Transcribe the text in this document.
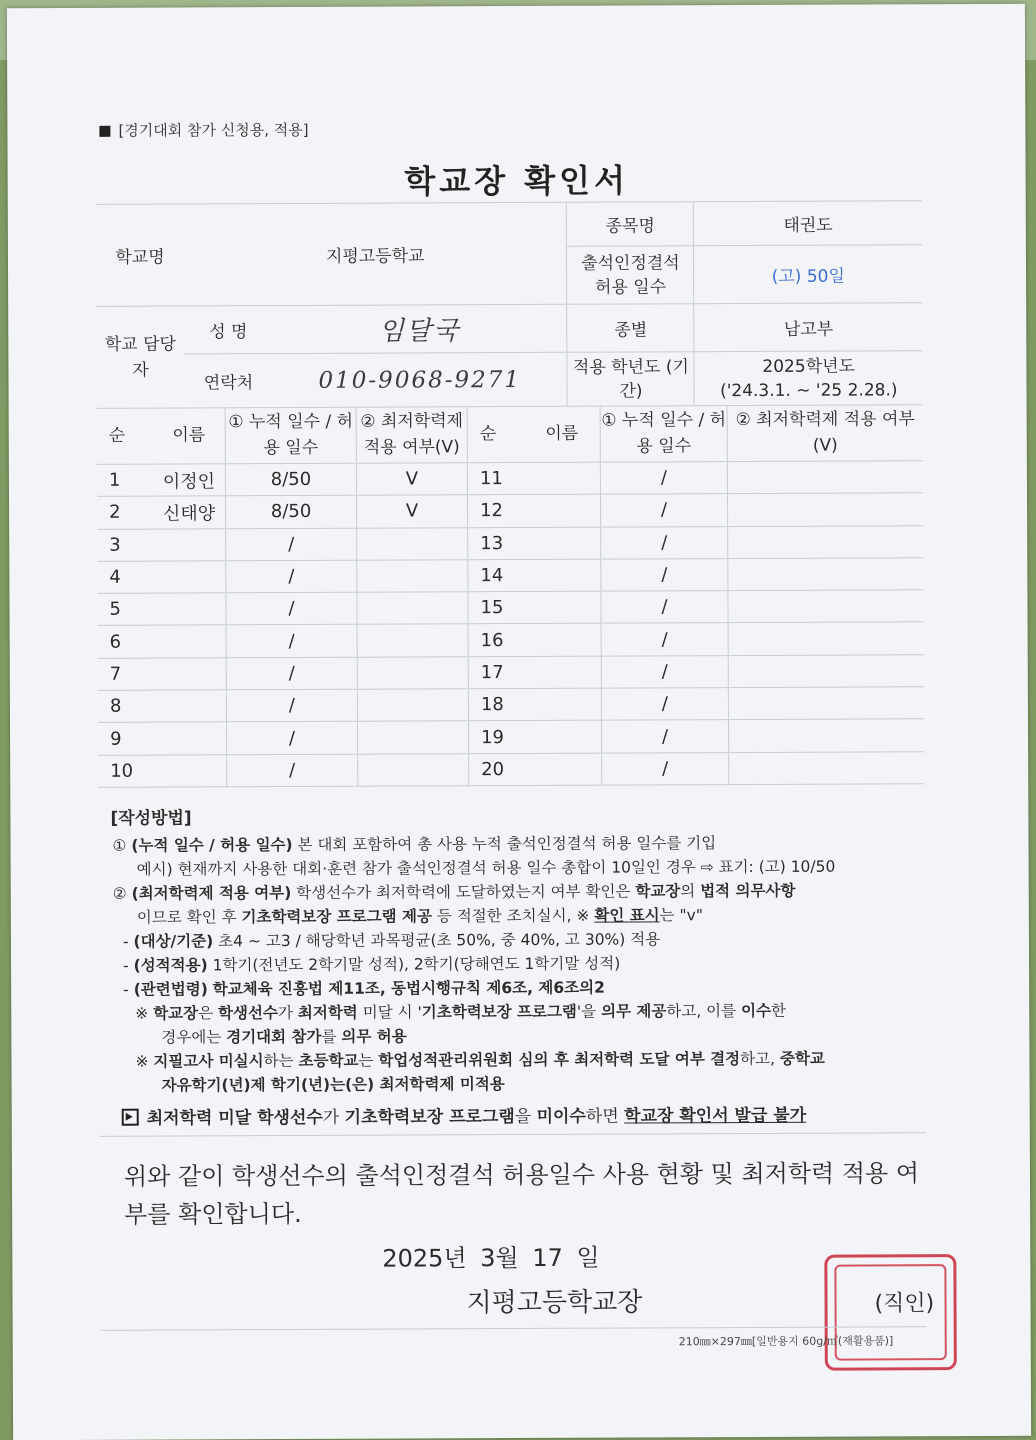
[경기대회 참가 신청용, 적용]
학교장 확인서
학교명	지평고등학교		종목명	태권도
			출석인정결석 허용 일수	(고) 50일
학교 담당자	성 명	임달국	종별	남고부
	연락처	010-9068-9271	적용 학년도 (기간)	2025학년도
('24.3.1. ~ '25 2.28.)
순	이름	① 누적 일수 / 허용 일수	② 최저학력제 적용 여부(V)	순	이름	① 누적 일수 / 허용 일수	② 최저학력제 적용 여부(V)
1	이정인	8/50	V	11		/	
2	신태양	8/50	V	12		/	
3		/		13		/	
4		/		14		/	
5		/		15		/	
6		/		16		/	
7		/		17		/	
8		/		18		/	
9		/		19		/	
10		/		20		/	
[작성방법]
① (누적 일수 / 허용 일수) 본 대회 포함하여 총 사용 누적 출석인정결석 허용 일수를 기입
예시) 현재까지 사용한 대회·훈련 참가 출석인정결석 허용 일수 총합이 10일인 경우 ⇨ 표기: (고) 10/50
② (최저학력제 적용 여부) 학생선수가 최저학력에 도달하였는지 여부 확인은 학교장의 법적 의무사항
이므로 확인 후 기초학력보장 프로그램 제공 등 적절한 조치실시, ※ 확인 표시는 "v"
- (대상/기준) 초4 ~ 고3 / 해당학년 과목평균(초 50%, 중 40%, 고 30%) 적용
- (성적적용) 1학기(전년도 2학기말 성적), 2학기(당해연도 1학기말 성적)
- (관련법령) 학교체육 진흥법 제11조, 동법시행규칙 제6조, 제6조의2
※ 학교장은 학생선수가 최저학력 미달 시 '기초학력보장 프로그램'을 의무 제공하고, 이를 이수한
경우에는 경기대회 참가를 의무 허용
※ 지필고사 미실시하는 초등학교는 학업성적관리위원회 심의 후 최저학력 도달 여부 결정하고, 중학교
자유학기(년)제 학기(년)는(은) 최저학력제 미적용
최저학력 미달 학생선수가 기초학력보장 프로그램을 미이수하면 학교장 확인서 발급 불가
위와 같이 학생선수의 출석인정결석 허용일수 사용 현황 및 최저학력 적용 여부를 확인합니다.
2025년 3월 17 일
지평고등학교장	(직인)
210㎜×297㎜[일반용지 60g/㎡(재활용품)]
